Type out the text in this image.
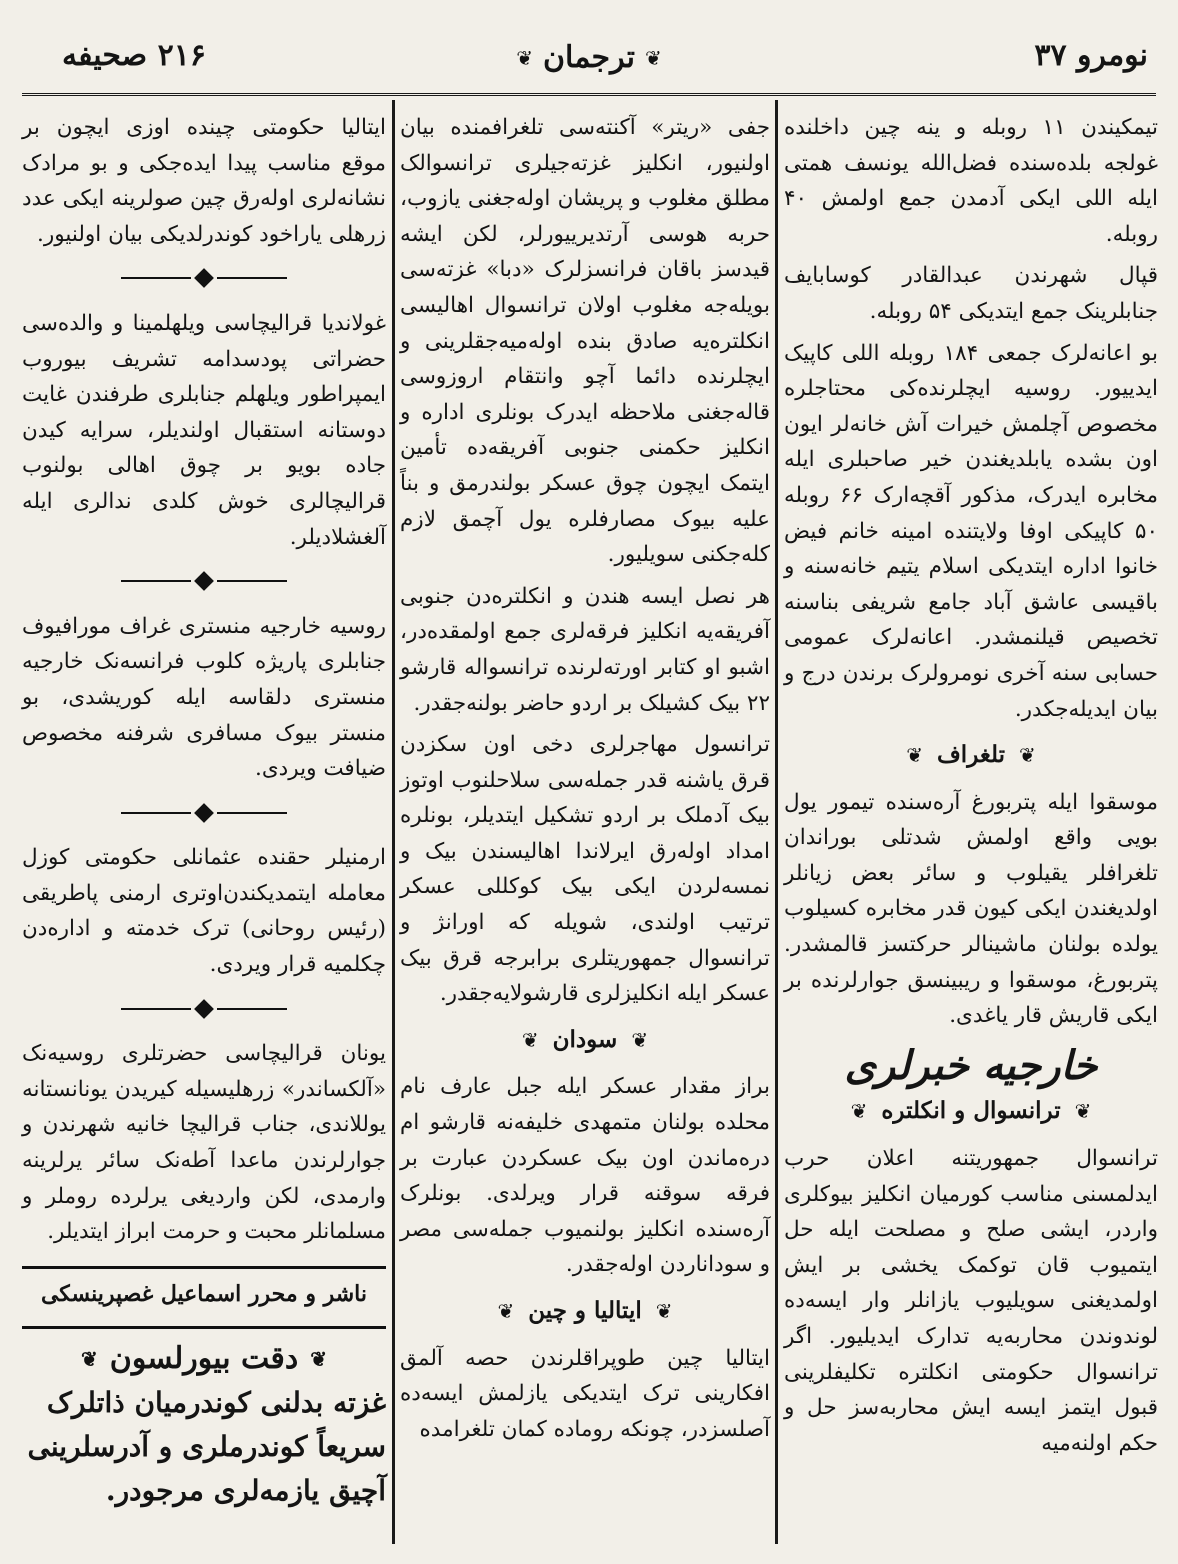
۲۱۶ صحیفه	❦ ترجمان ❦	نومرو ۳۷

تیمکیندن ۱۱ روبله و ینه چین داخلنده غولجه بلده‌سنده فضل‌الله یونسف همتی ایله اللی ایکی آدمدن جمع اولمش ۴۰ روبله.

قپال شهرندن عبدالقادر کوسابایف جنابلرینک جمع ایتدیکی ۵۴ روبله.

بو اعانه‌لرک جمعی ۱۸۴ روبله اللی کاپیک ایدییور. روسیه ایچلرنده‌کی محتاجلره مخصوص آچلمش خیرات آش خانه‌لر ایون اون بشده یابلدیغندن خیر صاحبلری ایله مخابره ایدرک، مذکور آقچه‌ارک ۶۶ روبله ۵۰ کاپیکی اوفا ولایتنده امینه خانم فیض خانوا اداره ایتدیکی اسلام یتیم خانه‌سنه و باقیسی عاشق آباد جامع شریفی بناسنه تخصیص قیلنمشدر. اعانه‌لرک عمومی حسابی سنه آخری نومرولرک برندن درج و بیان ایدیله‌جکدر.

❦ تلغراف ❦

موسقوا ایله پتربورغ آره‌سنده تیمور یول بویی واقع اولمش شدتلی بوراندان تلغرافلر یقیلوب و سائر بعض زیانلر اولدیغندن ایکی کیون قدر مخابره کسیلوب یولده بولنان ماشینالر حرکتسز قالمشدر. پتربورغ، موسقوا و ریبینسق جوارلرنده بر ایکی قاریش قار یاغدی.

خارجیه خبرلری
❦ ترانسوال و انکلتره ❦

ترانسوال جمهوریتنه اعلان حرب ایدلمسنی مناسب کورمیان انکلیز بیوکلری واردر، ایشی صلح و مصلحت ایله حل ایتمیوب قان توکمک یخشی بر ایش اولمدیغنی سویلیوب یازانلر وار ایسه‌ده لوندوندن محاربه‌یه تدارک ایدیلیور. اگر ترانسوال حکومتی انکلتره تکلیفلرینی قبول ایتمز ایسه ایش محاربه‌سز حل و حکم اولنه‌میه

جفی «ریتر» آکنته‌سی تلغرافمنده بیان اولنیور، انکلیز غزته‌جیلری ترانسوالک مطلق مغلوب و پریشان اوله‌جغنی یازوب، حربه هوسی آرتدیرییورلر، لکن ایشه قیدسز باقان فرانسزلرک «دبا» غزته‌سی بویله‌جه مغلوب اولان ترانسوال اهالیسی انکلتره‌یه صادق بنده اوله‌میه‌جقلرینی و ایچلرنده دائما آچو وانتقام اروزوسی قاله‌جغنی ملاحظه ایدرک بونلری اداره و انکلیز حکمنی جنوبی آفریقه‌ده تأمین ایتمک ایچون چوق عسکر بولندرمق و بناً علیه بیوک مصارفلره یول آچمق لازم کله‌جکنی سویلیور.

هر نصل ایسه هندن و انکلتره‌دن جنوبی آفریقه‌یه انکلیز فرقه‌لری جمع اولمقده‌در، اشبو او کتابر اورته‌لرنده ترانسواله قارشو ۲۲ بیک کشیلک بر اردو حاضر بولنه‌جقدر.

ترانسول مهاجرلری دخی اون سکزدن قرق یاشنه قدر جمله‌سی سلاحلنوب اوتوز بیک آدملک بر اردو تشکیل ایتدیلر، بونلره امداد اوله‌رق ایرلاندا اهالیسندن بیک و نمسه‌لردن ایکی بیک کوکللی عسکر ترتیب اولندی، شویله که اورانژ و ترانسوال جمهوریتلری برابرجه قرق بیک عسکر ایله انکلیزلری قارشولایه‌جقدر.

❦ سودان ❦

براز مقدار عسکر ایله جبل عارف نام محلده بولنان متمهدی خلیفه‌نه قارشو ام دره‌ماندن اون بیک عسکردن عبارت بر فرقه سوقنه قرار ویرلدی. بونلرک آره‌سنده انکلیز بولنمیوب جمله‌سی مصر و سوداناردن اوله‌جقدر.

❦ ایتالیا و چین ❦

ایتالیا چین طوپراقلرندن حصه آلمق افکارینی ترک ایتدیکی یازلمش ایسه‌ده آصلسزدر، چونکه روماده کمان تلغرامده

ایتالیا حکومتی چینده اوزی ایچون بر موقع مناسب پیدا ایده‌جکی و بو مرادک نشانه‌لری اوله‌رق چین صولرینه ایکی عدد زرهلی یاراخود کوندرلدیکی بیان اولنیور.

غولاندیا قرالیچاسی ویلهلمینا و والده‌سی حضراتی پودسدامه تشریف بیوروب ایمپراطور ویلهلم جنابلری طرفندن غایت دوستانه استقبال اولندیلر، سرایه کیدن جاده بویو بر چوق اهالی بولنوب قرالیچالری خوش کلدی ندالری ایله آلغشلادیلر.

روسیه خارجیه منستری غراف مورافیوف جنابلری پاریژه کلوب فرانسه‌نک خارجیه منستری دلقاسه ایله کوریشدی، بو منستر بیوک مسافری شرفنه مخصوص ضیافت ویردی.

ارمنیلر حقنده عثمانلی حکومتی کوزل معامله ایتمدیکندن‌اوتری ارمنی پاطریقی (رئیس روحانی) ترک خدمته و اداره‌دن چکلمیه قرار ویردی.

یونان قرالیچاسی حضرتلری روسیه‌نک «آلکساندر» زرهلیسیله کیریدن یونانستانه یوللاندی، جناب قرالیچا خانیه شهرندن و جوارلرندن ماعدا آطه‌نک سائر یرلرینه وارمدی، لکن واردیغی یرلرده روملر و مسلمانلر محبت و حرمت ابراز ایتدیلر.

ناشر و محرر اسماعیل غصپرینسکی
❦ دقت بیورلسون ❦
غزته بدلنی کوندرمیان ذاتلرک سریعاً کوندرملری و آدرسلرینی آچیق یازمه‌لری مرجودر.
